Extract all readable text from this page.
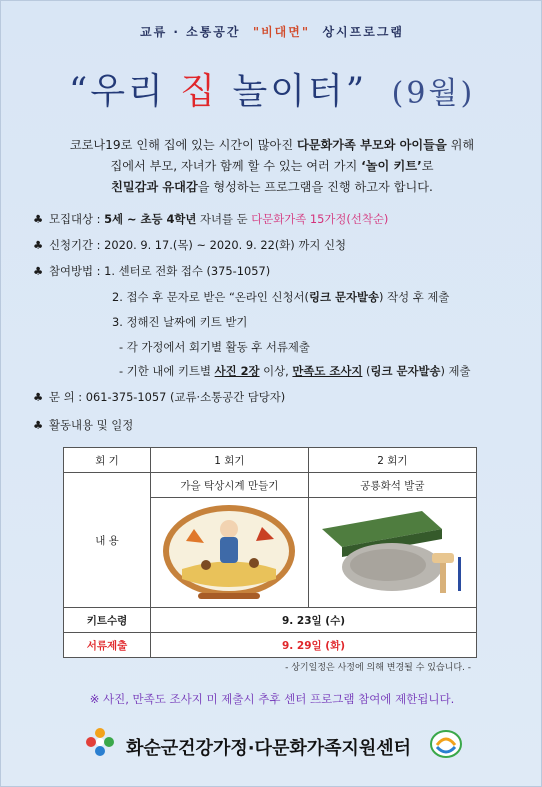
교류 · 소통공간 "비대면" 상시프로그램
“우리 집 놀이터” (9월)
코로나19로 인해 집에 있는 시간이 많아진 다문화가족 부모와 아이들을 위해
집에서 부모, 자녀가 함께 할 수 있는 여러 가지 ‘놀이 키트’로
친밀감과 유대감을 형성하는 프로그램을 진행 하고자 합니다.
♣ 모집대상 : 5세 ~ 초등 4학년 자녀를 둔 다문화가족 15가정(선착순)
♣ 신청기간 : 2020. 9. 17.(목) ~ 2020. 9. 22(화) 까지 신청
♣ 참여방법 : 1. 센터로 전화 접수 (375-1057)
2. 접수 후 문자로 받은 “온라인 신청서(링크 문자발송) 작성 후 제출
3. 정해진 날짜에 키트 받기
- 각 가정에서 회기별 활동 후 서류제출
- 기한 내에 키트별 사진 2장 이상, 만족도 조사지 (링크 문자발송) 제출
♣ 문 의 : 061-375-1057 (교류·소통공간 담당자)
♣ 활동내용 및 일정
회 기	1 회기	2 회기
내 용	가을 탁상시계 만들기	공룡화석 발굴

키트수령	9. 23일 (수)	
서류제출	9. 29일 (화)	
- 상기일정은 사정에 의해 변경될 수 있습니다. -
※ 사진, 만족도 조사지 미 제출시 추후 센터 프로그램 참여에 제한됩니다.
화순군건강가정·다문화가족지원센터
